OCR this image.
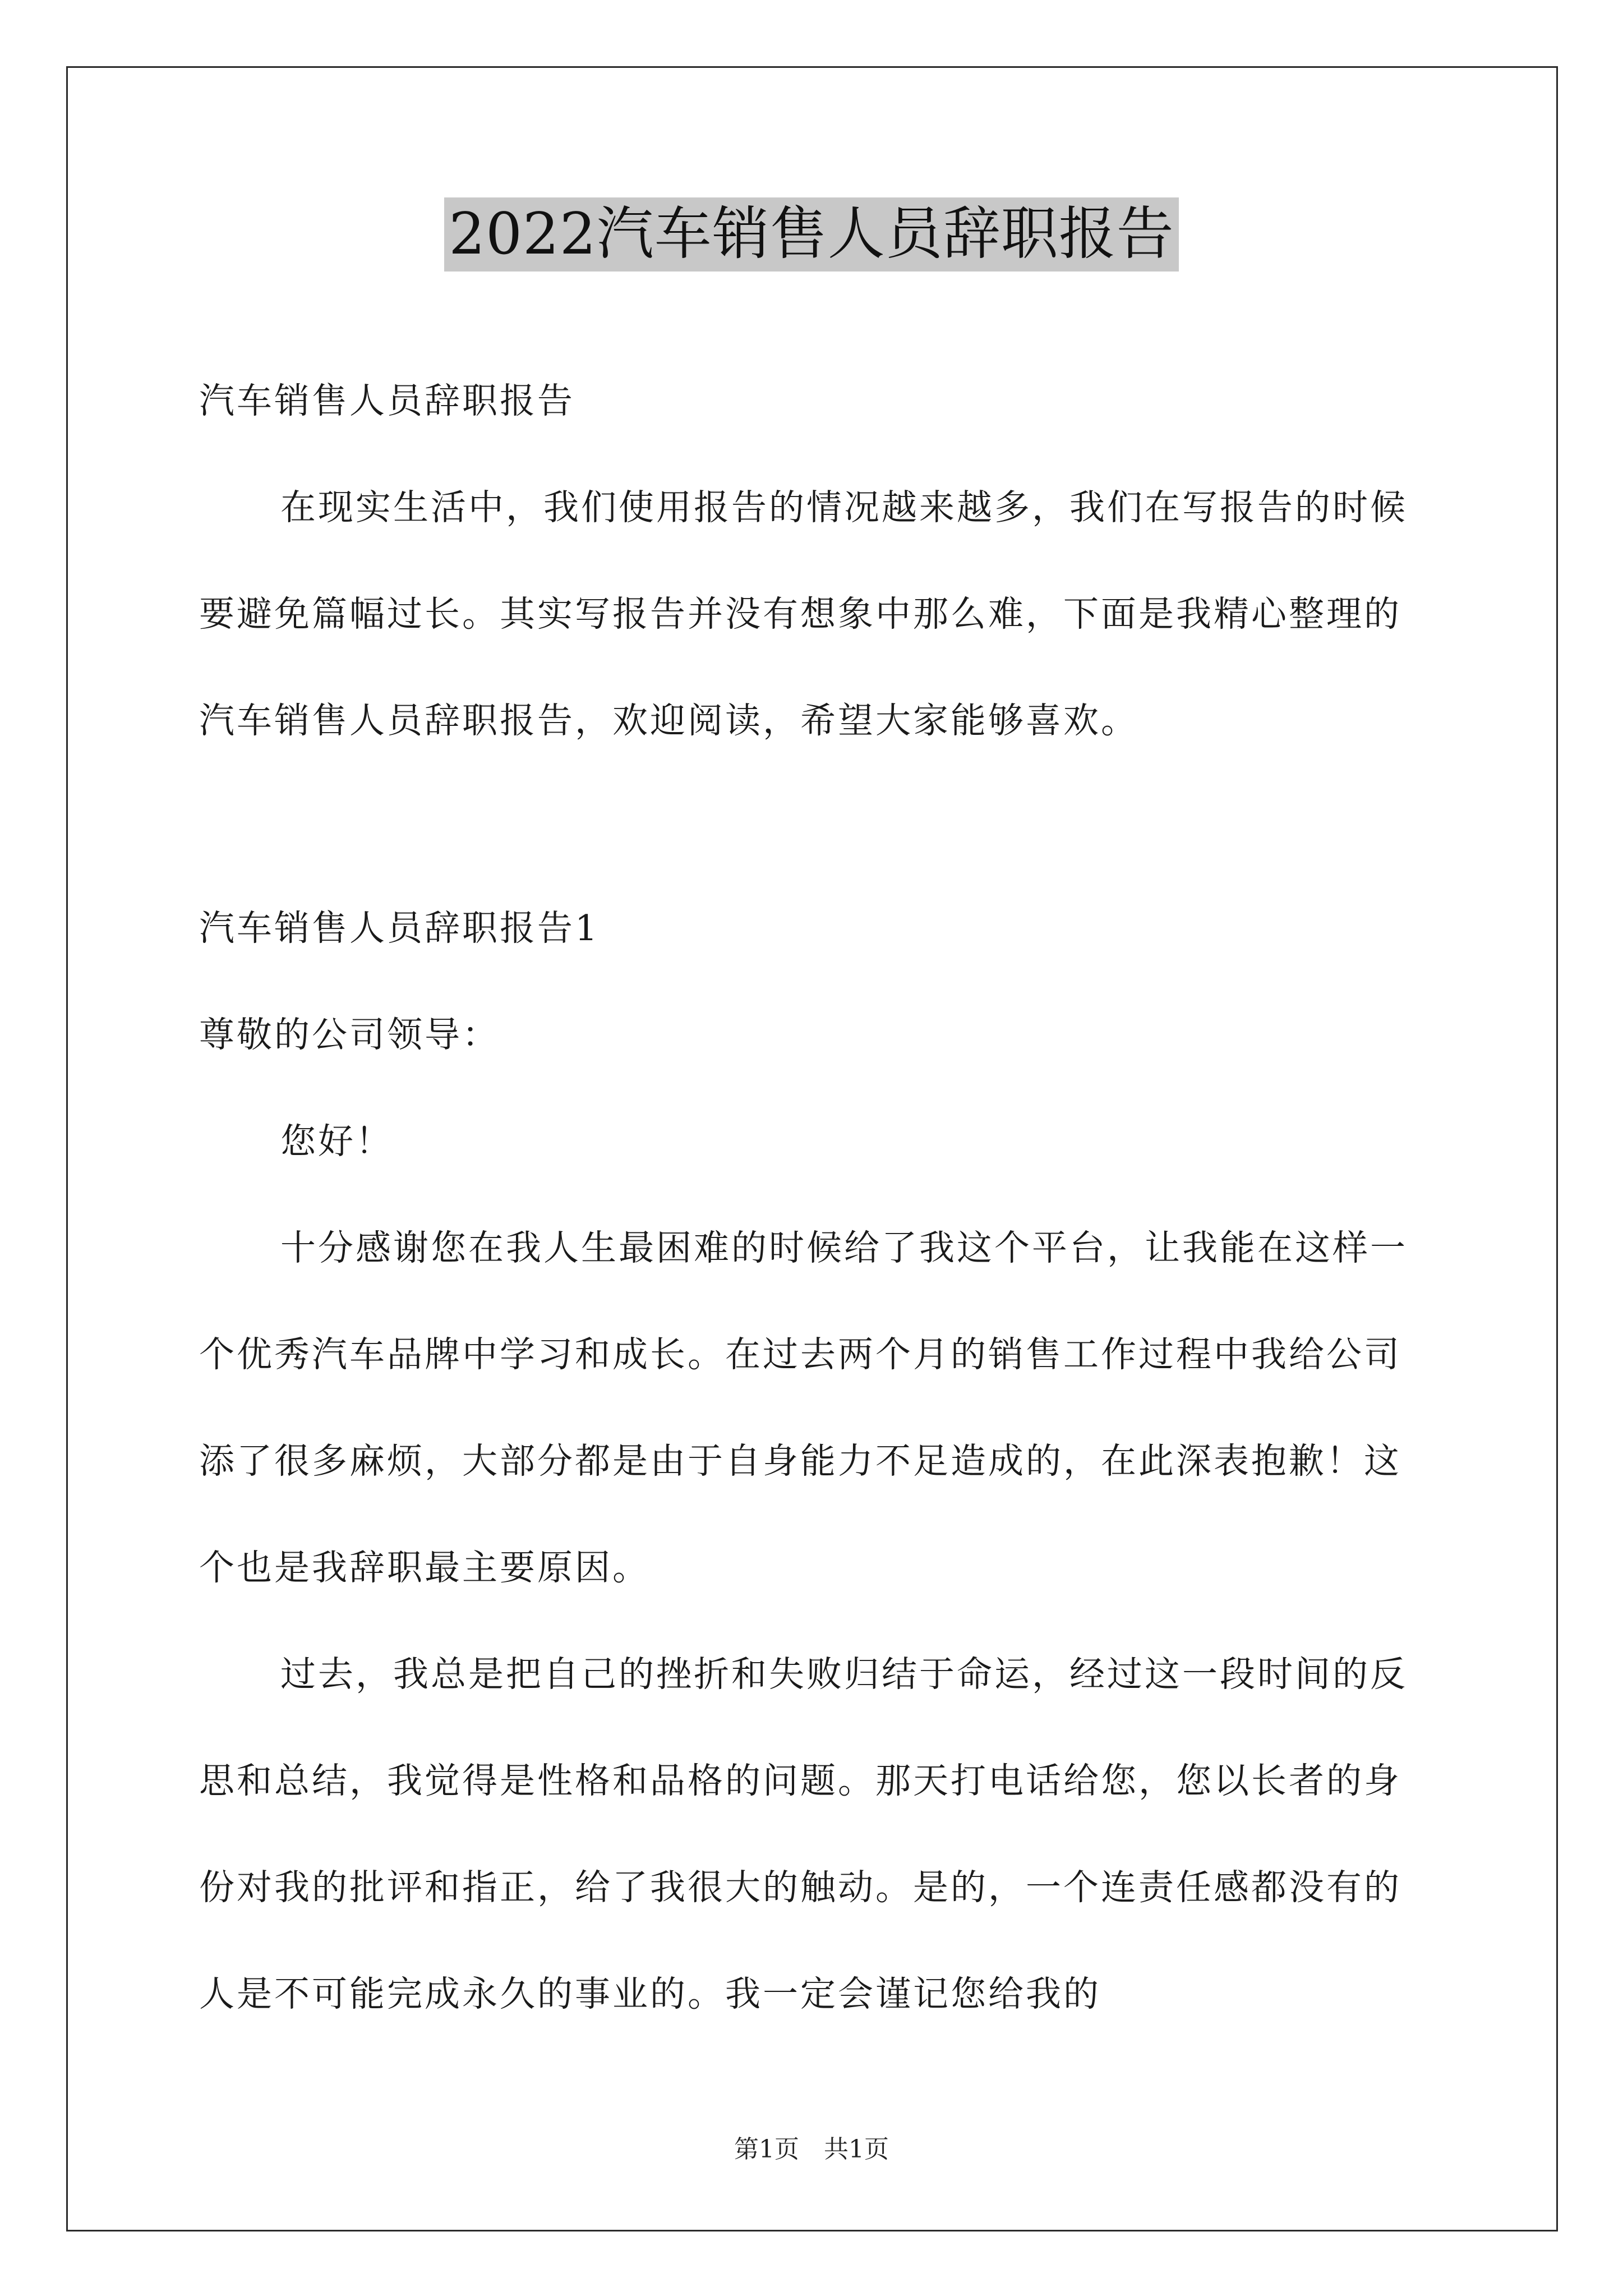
2022汽车销售人员辞职报告

汽车销售人员辞职报告

在现实生活中，我们使用报告的情况越来越多，我们在写报告的时候要避免篇幅过长。其实写报告并没有想象中那么难，下面是我精心整理的汽车销售人员辞职报告，欢迎阅读，希望大家能够喜欢。

汽车销售人员辞职报告1

尊敬的公司领导：

您好！

十分感谢您在我人生最困难的时候给了我这个平台，让我能在这样一个优秀汽车品牌中学习和成长。在过去两个月的销售工作过程中我给公司添了很多麻烦，大部分都是由于自身能力不足造成的，在此深表抱歉！这个也是我辞职最主要原因。

过去，我总是把自己的挫折和失败归结于命运，经过这一段时间的反思和总结，我觉得是性格和品格的问题。那天打电话给您，您以长者的身份对我的批评和指正，给了我很大的触动。是的，一个连责任感都没有的人是不可能完成永久的事业的。我一定会谨记您给我的

第1页　共1页
